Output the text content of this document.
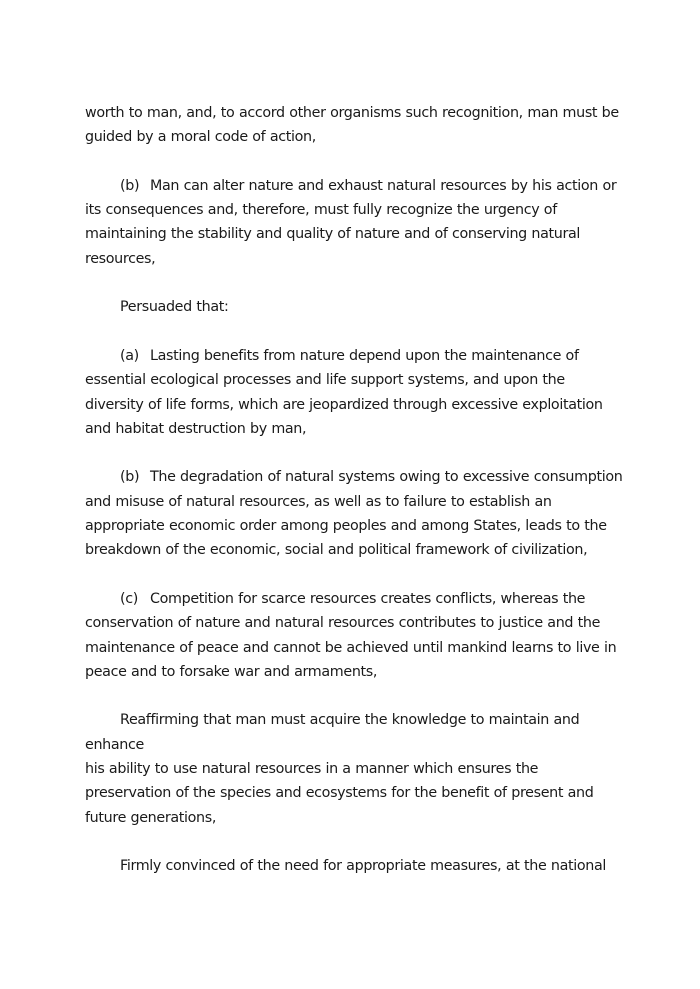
worth to man, and, to accord other organisms such recognition, man must be
guided by a moral code of action,
(b) Man can alter nature and exhaust natural resources by his action or
its consequences and, therefore, must fully recognize the urgency of
maintaining the stability and quality of nature and of conserving natural
resources,
Persuaded that:
(a) Lasting benefits from nature depend upon the maintenance of
essential ecological processes and life support systems, and upon the
diversity of life forms, which are jeopardized through excessive exploitation
and habitat destruction by man,
(b) The degradation of natural systems owing to excessive consumption
and misuse of natural resources, as well as to failure to establish an
appropriate economic order among peoples and among States, leads to the
breakdown of the economic, social and political framework of civilization,
(c) Competition for scarce resources creates conflicts, whereas the
conservation of nature and natural resources contributes to justice and the
maintenance of peace and cannot be achieved until mankind learns to live in
peace and to forsake war and armaments,
Reaffirming that man must acquire the knowledge to maintain and
enhance
his ability to use natural resources in a manner which ensures the
preservation of the species and ecosystems for the benefit of present and
future generations,
Firmly convinced of the need for appropriate measures, at the national
